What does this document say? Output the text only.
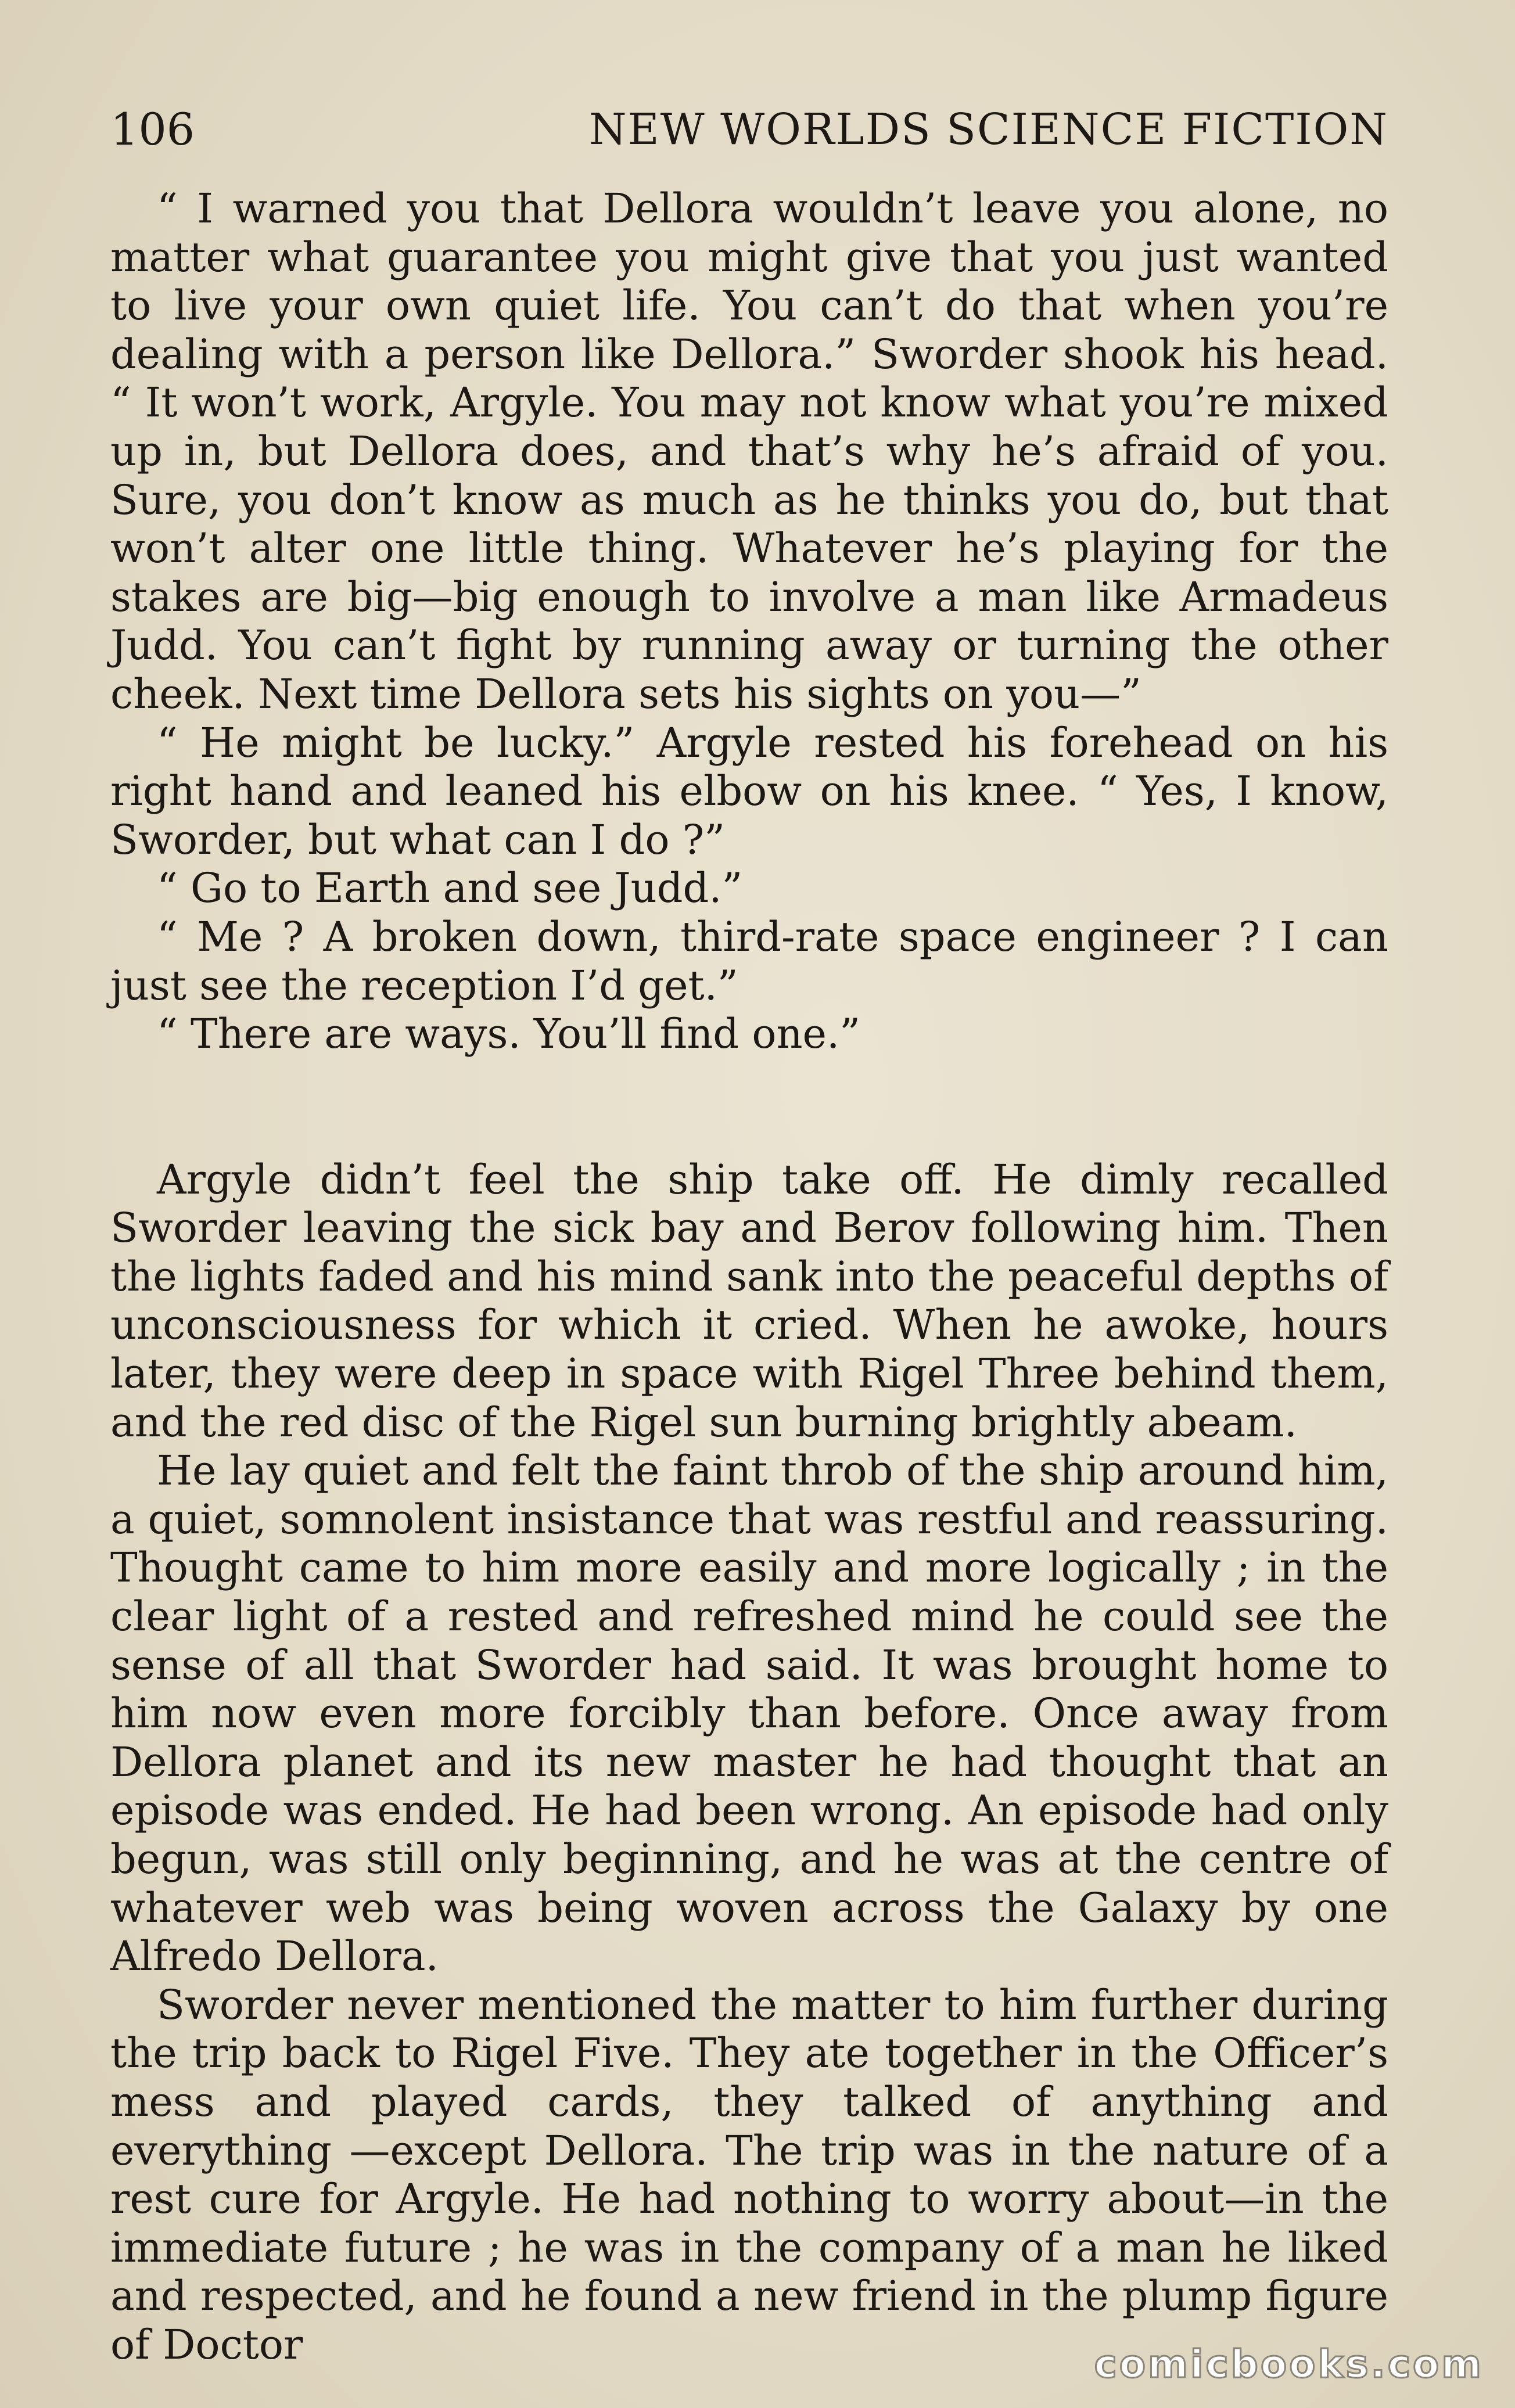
106	NEW WORLDS SCIENCE FICTION

“ I warned you that Dellora wouldn’t leave you alone, no matter what guarantee you might give that you just wanted to live your own quiet life. You can’t do that when you’re dealing with a person like Dellora.” Sworder shook his head. “ It won’t work, Argyle. You may not know what you’re mixed up in, but Dellora does, and that’s why he’s afraid of you. Sure, you don’t know as much as he thinks you do, but that won’t alter one little thing. Whatever he’s playing for the stakes are big—big enough to involve a man like Armadeus Judd. You can’t fight by running away or turning the other cheek. Next time Dellora sets his sights on you—”

“ He might be lucky.” Argyle rested his forehead on his right hand and leaned his elbow on his knee. “ Yes, I know, Sworder, but what can I do ?”

“ Go to Earth and see Judd.”

“ Me ? A broken down, third-rate space engineer ? I can just see the reception I’d get.”

“ There are ways. You’ll find one.”

Argyle didn’t feel the ship take off. He dimly recalled Sworder leaving the sick bay and Berov following him. Then the lights faded and his mind sank into the peaceful depths of unconsciousness for which it cried. When he awoke, hours later, they were deep in space with Rigel Three behind them, and the red disc of the Rigel sun burning brightly abeam.

He lay quiet and felt the faint throb of the ship around him, a quiet, somnolent insistance that was restful and reassuring. Thought came to him more easily and more logically ; in the clear light of a rested and refreshed mind he could see the sense of all that Sworder had said. It was brought home to him now even more forcibly than before. Once away from Dellora planet and its new master he had thought that an episode was ended. He had been wrong. An episode had only begun, was still only beginning, and he was at the centre of whatever web was being woven across the Galaxy by one Alfredo Dellora.

Sworder never mentioned the matter to him further during the trip back to Rigel Five. They ate together in the Officer’s mess and played cards, they talked of anything and everything —except Dellora. The trip was in the nature of a rest cure for Argyle. He had nothing to worry about—in the immediate future ; he was in the company of a man he liked and respected, and he found a new friend in the plump figure of Doctor	comicbooks.com
